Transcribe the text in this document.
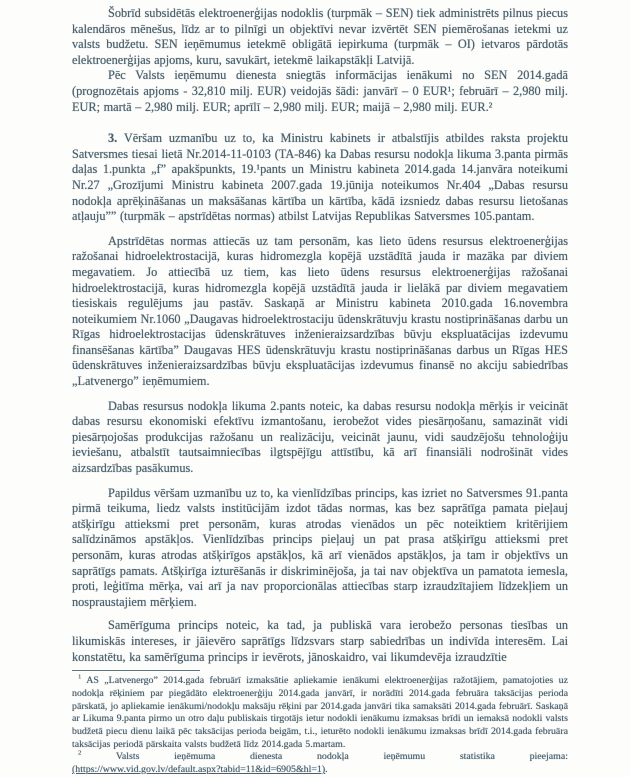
Šobrīd subsidētās elektroenerģijas nodoklis (turpmāk – SEN) tiek administrēts pilnus piecus kalendāros mēnešus, līdz ar to pilnīgi un objektīvi nevar izvērtēt SEN piemērošanas ietekmi uz valsts budžetu. SEN ieņēmumus ietekmē obligātā iepirkuma (turpmāk – OI) ietvaros pārdotās elektroenerģijas apjoms, kuru, savukārt, ietekmē laikapstākļi Latvijā.

Pēc Valsts ieņēmumu dienesta sniegtās informācijas ienākumi no SEN 2014.gadā (prognozētais apjoms - 32,810 milj. EUR) veidojās šādi: janvārī – 0 EUR¹; februārī – 2,980 milj. EUR; martā – 2,980 milj. EUR; aprīlī – 2,980 milj. EUR; maijā – 2,980 milj. EUR.²

3. Vēršam uzmanību uz to, ka Ministru kabinets ir atbalstījis atbildes raksta projektu Satversmes tiesai lietā Nr.2014-11-0103 (TA-846) ka Dabas resursu nodokļa likuma 3.panta pirmās daļas 1.punkta „f” apakšpunkts, 19.¹pants un Ministru kabineta 2014.gada 14.janvāra noteikumi Nr.27 „Grozījumi Ministru kabineta 2007.gada 19.jūnija noteikumos Nr.404 „Dabas resursu nodokļa aprēķināšanas un maksāšanas kārtība un kārtība, kādā izsniedz dabas resursu lietošanas atļauju”” (turpmāk – apstrīdētas normas) atbilst Latvijas Republikas Satversmes 105.pantam.

Apstrīdētas normas attiecās uz tam personām, kas lieto ūdens resursus elektroenerģijas ražošanai hidroelektrostacijā, kuras hidromezgla kopējā uzstādītā jauda ir mazāka par diviem megavatiem. Jo attiecībā uz tiem, kas lieto ūdens resursus elektroenerģijas ražošanai hidroelektrostacijā, kuras hidromezgla kopējā uzstādītā jauda ir lielākā par diviem megavatiem tiesiskais regulējums jau pastāv. Saskaņā ar Ministru kabineta 2010.gada 16.novembra noteikumiem Nr.1060 „Daugavas hidroelektrostaciju ūdenskrātuvju krastu nostiprināšanas darbu un Rīgas hidroelektrostacijas ūdenskrātuves inženieraizsardzības būvju ekspluatācijas izdevumu finansēšanas kārtība” Daugavas HES ūdenskrātuvju krastu nostiprināšanas darbus un Rīgas HES ūdenskrātuves inženieraizsardzības būvju ekspluatācijas izdevumus finansē no akciju sabiedrības „Latvenergo” ieņēmumiem.

Dabas resursus nodokļa likuma 2.pants noteic, ka dabas resursu nodokļa mērķis ir veicināt dabas resursu ekonomiski efektīvu izmantošanu, ierobežot vides piesārņošanu, samazināt vidi piesārņojošas produkcijas ražošanu un realizāciju, veicināt jaunu, vidi saudzējošu tehnoloģiju ieviešanu, atbalstīt tautsaimniecības ilgtspējīgu attīstību, kā arī finansiāli nodrošināt vides aizsardzības pasākumus.

Papildus vēršam uzmanību uz to, ka vienlīdzības princips, kas izriet no Satversmes 91.panta pirmā teikuma, liedz valsts institūcijām izdot tādas normas, kas bez saprātīga pamata pieļauj atšķirīgu attieksmi pret personām, kuras atrodas vienādos un pēc noteiktiem kritērijiem salīdzināmos apstākļos. Vienlīdzības princips pieļauj un pat prasa atšķirīgu attieksmi pret personām, kuras atrodas atšķirīgos apstākļos, kā arī vienādos apstākļos, ja tam ir objektīvs un saprātīgs pamats. Atšķirīga izturēšanās ir diskriminējoša, ja tai nav objektīva un pamatota iemesla, proti, leģitīma mērķa, vai arī ja nav proporcionālas attiecības starp izraudzītajiem līdzekļiem un nospraustajiem mērķiem.

Samērīguma princips noteic, ka tad, ja publiskā vara ierobežo personas tiesības un likumiskās intereses, ir jāievēro saprātīgs līdzsvars starp sabiedrības un indivīda interesēm. Lai konstatētu, ka samērīguma princips ir ievērots, jānoskaidro, vai likumdevēja izraudzītie

$^1$ AS „Latvenergo” 2014.gada februārī izmaksātie apliekamie ienākumi elektroenerģijas ražotājiem, pamatojoties uz nodokļa rēķiniem par piegādāto elektroenerģiju 2014.gada janvārī, ir norādīti 2014.gada februāra taksācijas perioda pārskatā, jo apliekamie ienākumi/nodokļu maksāju rēķini par 2014.gada janvāri tika samaksāti 2014.gada februārī. Saskaņā ar Likuma 9.panta pirmo un otro daļu publiskais tirgotājs ietur nodokli ienākumu izmaksas brīdi un iemaksā nodokli valsts budžetā piecu dienu laikā pēc taksācijas perioda beigām, t.i., ieturēto nodokli ienākumu izmaksas brīdī 2014.gada februāra taksācijas periodā pārskaita valsts budžetā līdz 2014.gada 5.martam.

$^2$	Valsts ieņēmuma dienesta nodokļa ieņēmumu statistika pieejama:
(https://www.vid.gov.lv/default.aspx?tabid=11&id=6905&hl=1).
